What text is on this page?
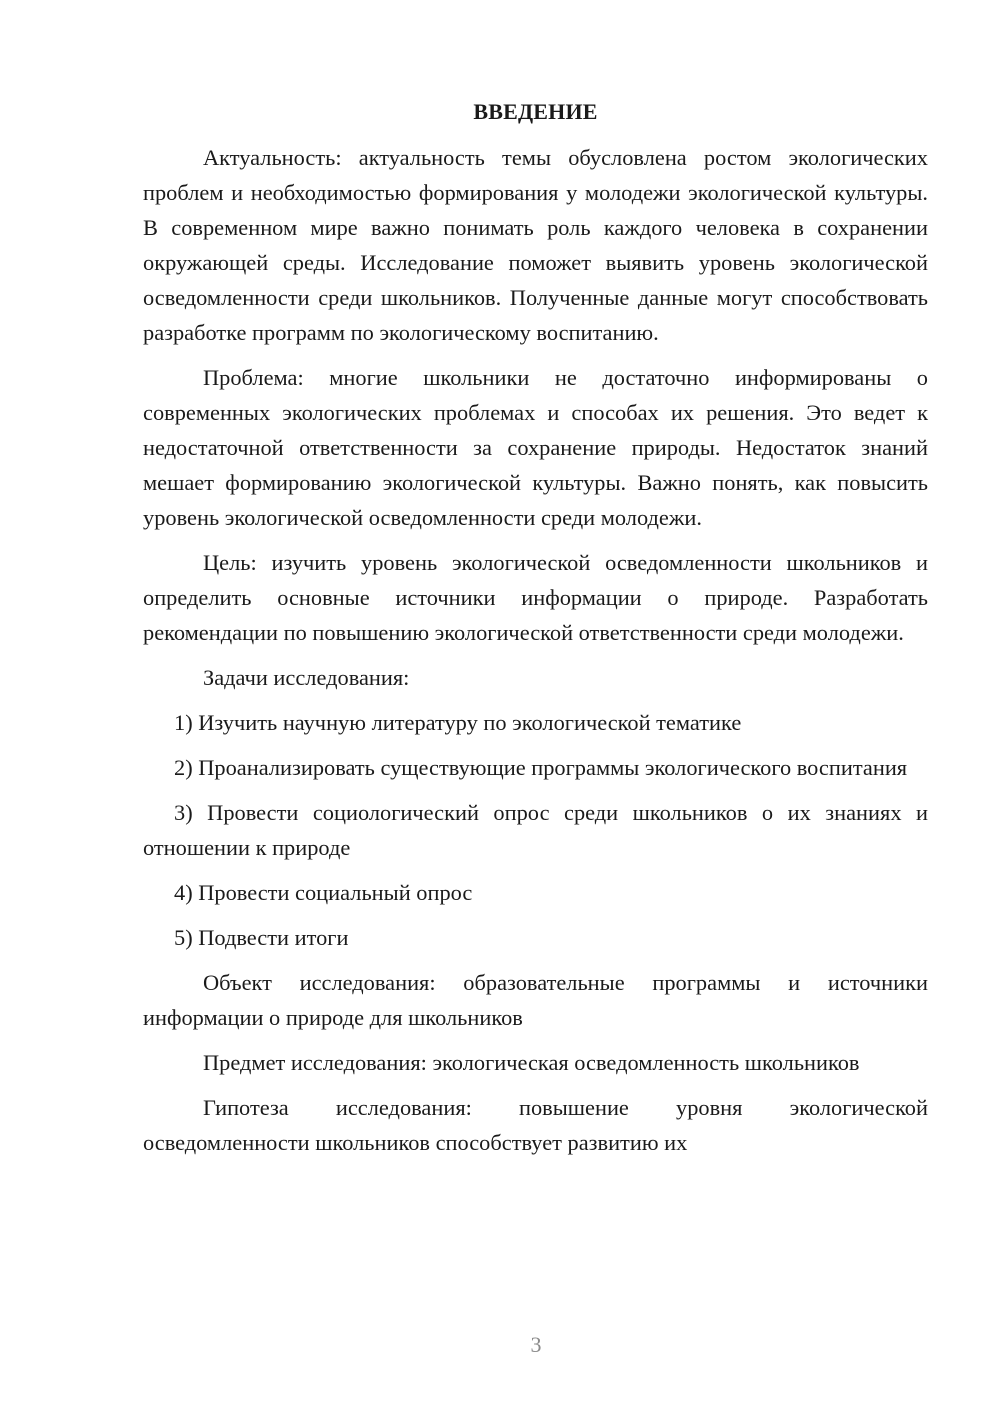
ВВЕДЕНИЕ
Актуальность: актуальность темы обусловлена ростом экологических проблем и необходимостью формирования у молодежи экологической культуры. В современном мире важно понимать роль каждого человека в сохранении окружающей среды. Исследование поможет выявить уровень экологической осведомленности среди школьников. Полученные данные могут способствовать разработке программ по экологическому воспитанию.
Проблема: многие школьники не достаточно информированы о современных экологических проблемах и способах их решения. Это ведет к недостаточной ответственности за сохранение природы. Недостаток знаний мешает формированию экологической культуры. Важно понять, как повысить уровень экологической осведомленности среди молодежи.
Цель: изучить уровень экологической осведомленности школьников и определить основные источники информации о природе. Разработать рекомендации по повышению экологической ответственности среди молодежи.
Задачи исследования:
1) Изучить научную литературу по экологической тематике
2) Проанализировать существующие программы экологического воспитания
3) Провести социологический опрос среди школьников о их знаниях и отношении к природе
4) Провести социальный опрос
5) Подвести итоги
Объект исследования: образовательные программы и источники информации о природе для школьников
Предмет исследования: экологическая осведомленность школьников
Гипотеза исследования: повышение уровня экологической осведомленности школьников способствует развитию их
3
